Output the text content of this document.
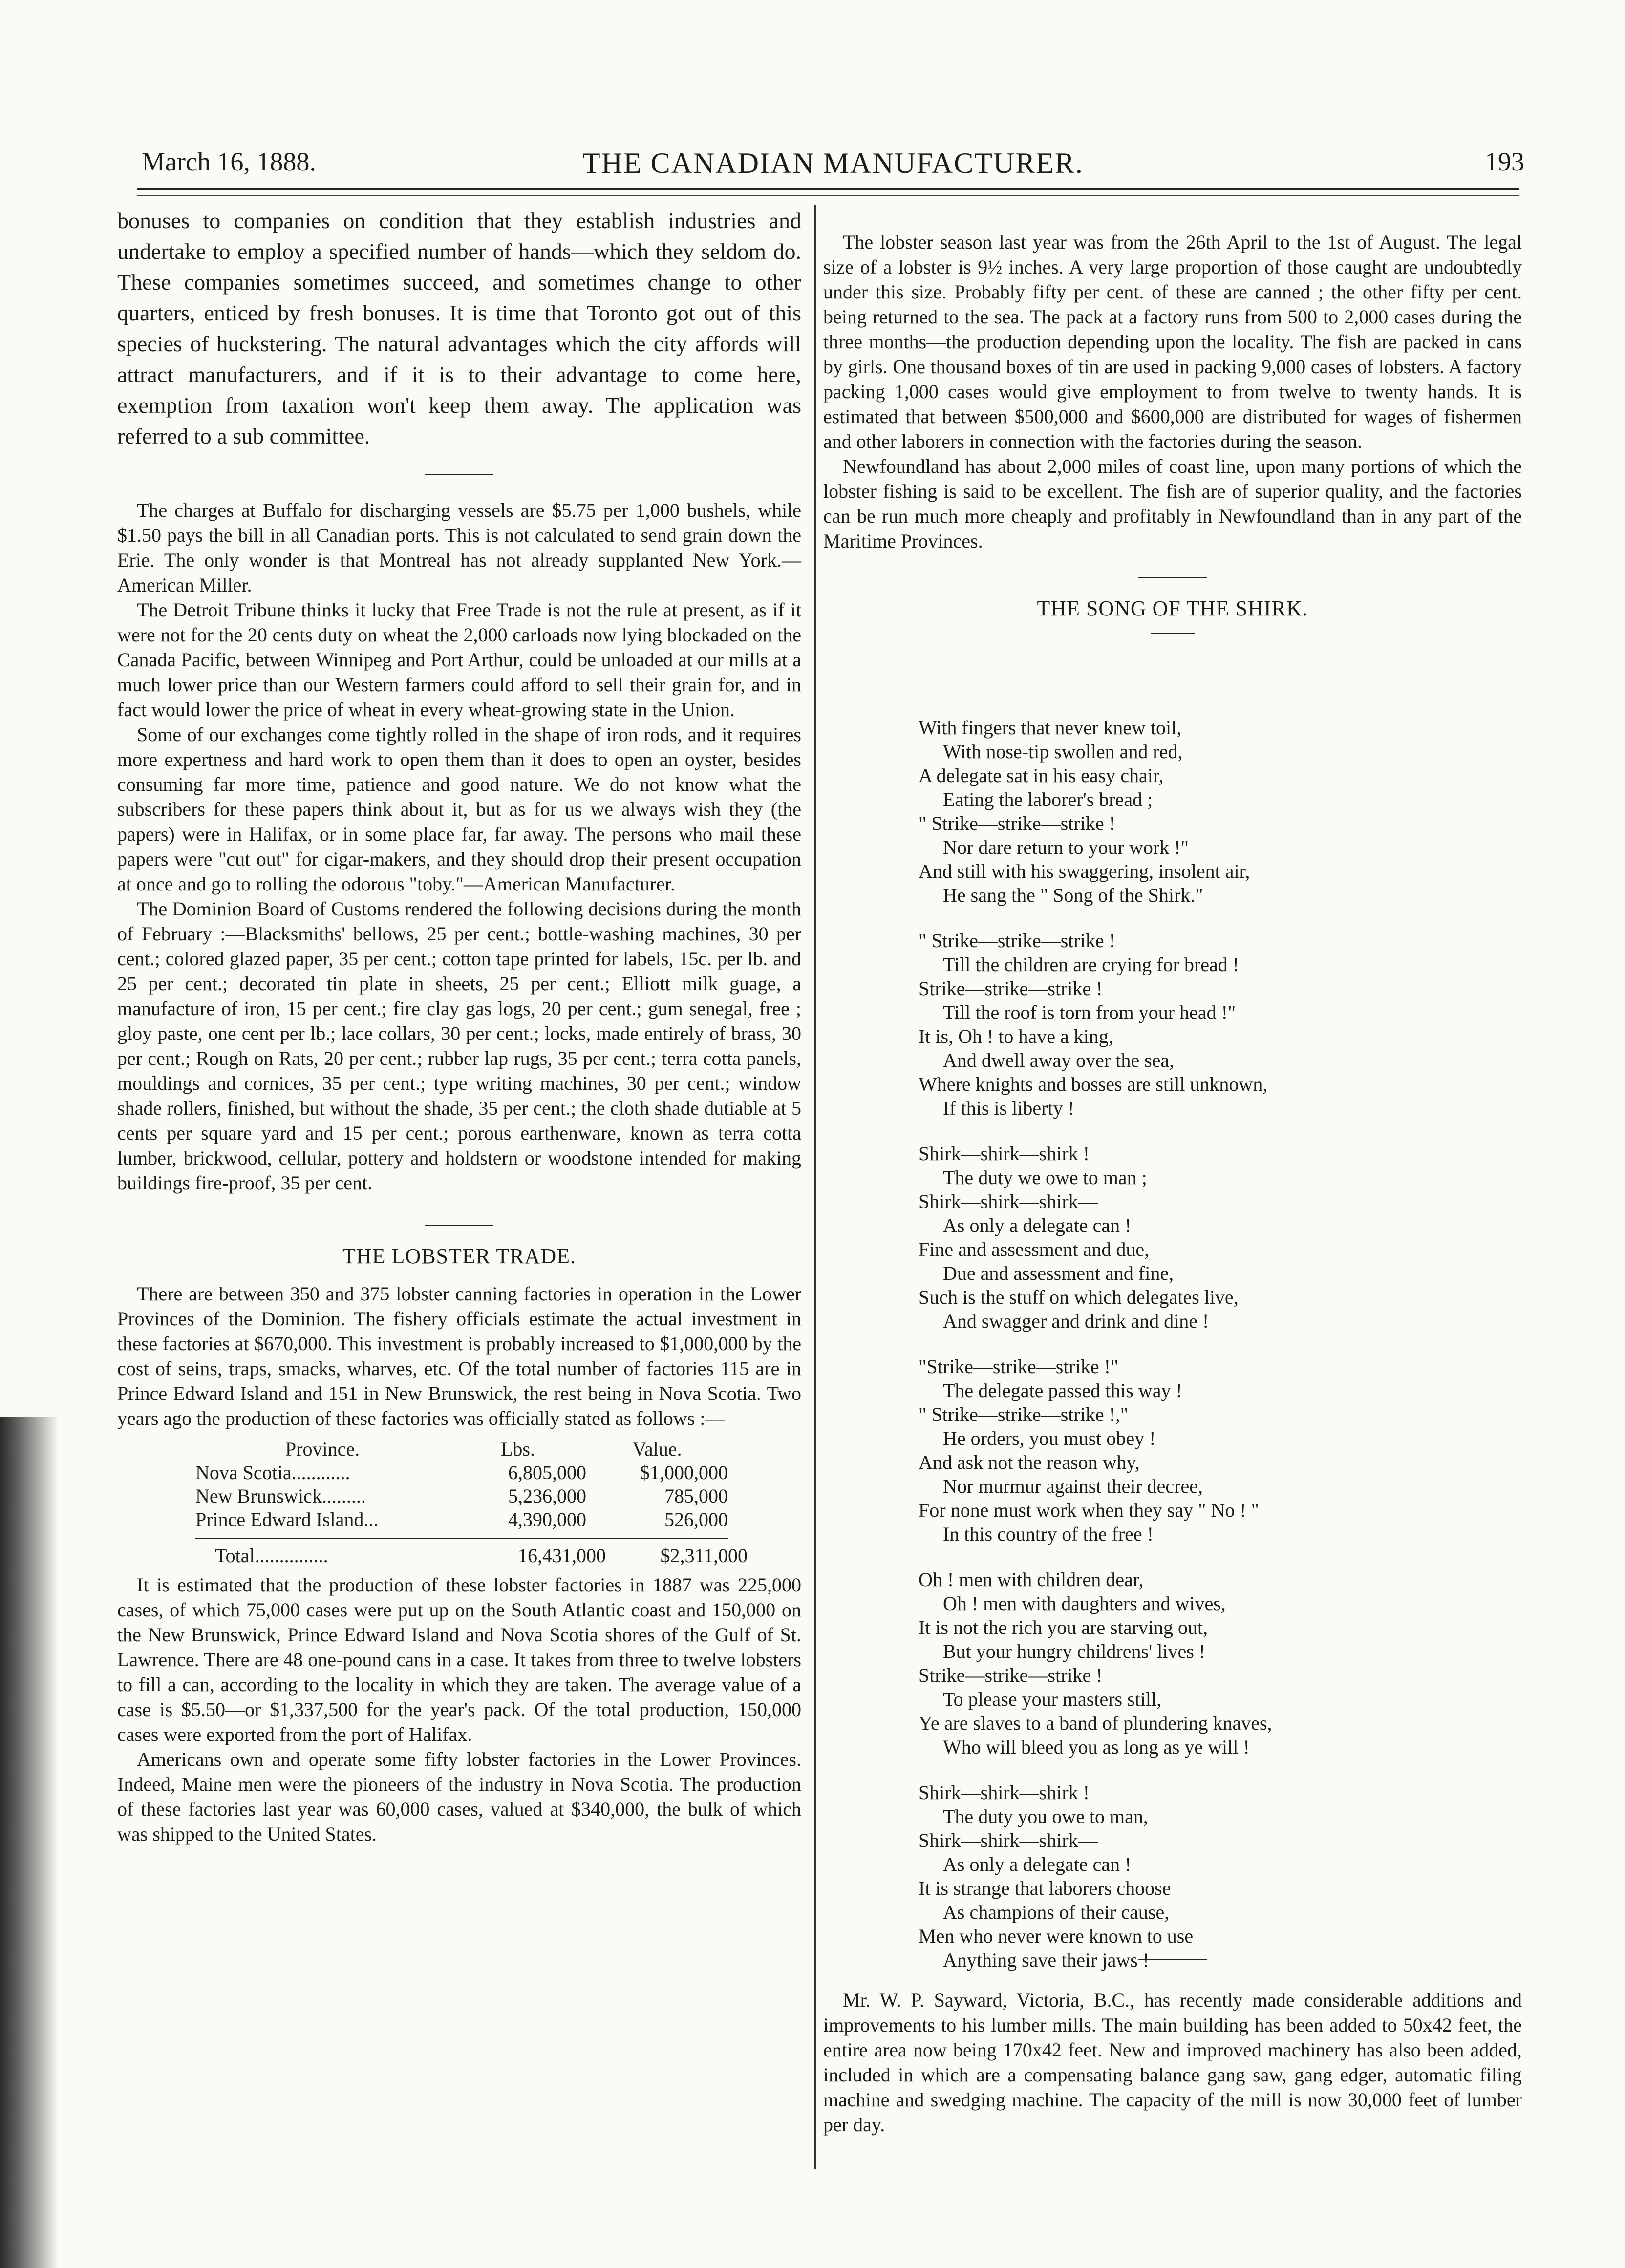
March 16, 1888.	THE CANADIAN MANUFACTURER.	193

bonuses to companies on condition that they establish industries and undertake to employ a specified number of hands—which they seldom do. These companies sometimes succeed, and sometimes change to other quarters, enticed by fresh bonuses. It is time that Toronto got out of this species of huckstering. The natural advantages which the city affords will attract manufacturers, and if it is to their advantage to come here, exemption from taxation won't keep them away. The application was referred to a sub committee.

The charges at Buffalo for discharging vessels are $5.75 per 1,000 bushels, while $1.50 pays the bill in all Canadian ports. This is not calculated to send grain down the Erie. The only wonder is that Montreal has not already supplanted New York.—American Miller.

The Detroit Tribune thinks it lucky that Free Trade is not the rule at present, as if it were not for the 20 cents duty on wheat the 2,000 carloads now lying blockaded on the Canada Pacific, between Winnipeg and Port Arthur, could be unloaded at our mills at a much lower price than our Western farmers could afford to sell their grain for, and in fact would lower the price of wheat in every wheat-growing state in the Union.

Some of our exchanges come tightly rolled in the shape of iron rods, and it requires more expertness and hard work to open them than it does to open an oyster, besides consuming far more time, patience and good nature. We do not know what the subscribers for these papers think about it, but as for us we always wish they (the papers) were in Halifax, or in some place far, far away. The persons who mail these papers were "cut out" for cigar-makers, and they should drop their present occupation at once and go to rolling the odorous "toby."—American Manufacturer.

The Dominion Board of Customs rendered the following decisions during the month of February :—Blacksmiths' bellows, 25 per cent.; bottle-washing machines, 30 per cent.; colored glazed paper, 35 per cent.; cotton tape printed for labels, 15c. per lb. and 25 per cent.; decorated tin plate in sheets, 25 per cent.; Elliott milk guage, a manufacture of iron, 15 per cent.; fire clay gas logs, 20 per cent.; gum senegal, free ; gloy paste, one cent per lb.; lace collars, 30 per cent.; locks, made entirely of brass, 30 per cent.; Rough on Rats, 20 per cent.; rubber lap rugs, 35 per cent.; terra cotta panels, mouldings and cornices, 35 per cent.; type writing machines, 30 per cent.; window shade rollers, finished, but without the shade, 35 per cent.; the cloth shade dutiable at 5 cents per square yard and 15 per cent.; porous earthenware, known as terra cotta lumber, brickwood, cellular, pottery and holdstern or woodstone intended for making buildings fire-proof, 35 per cent.

THE LOBSTER TRADE.

There are between 350 and 375 lobster canning factories in operation in the Lower Provinces of the Dominion. The fishery officials estimate the actual investment in these factories at $670,000. This investment is probably increased to $1,000,000 by the cost of seins, traps, smacks, wharves, etc. Of the total number of factories 115 are in Prince Edward Island and 151 in New Brunswick, the rest being in Nova Scotia. Two years ago the production of these factories was officially stated as follows :—

Province.	Lbs.	Value.
Nova Scotia............	6,805,000	$1,000,000
New Brunswick.........	5,236,000	785,000
Prince Edward Island...	4,390,000	526,000
Total...............	16,431,000	$2,311,000

It is estimated that the production of these lobster factories in 1887 was 225,000 cases, of which 75,000 cases were put up on the South Atlantic coast and 150,000 on the New Brunswick, Prince Edward Island and Nova Scotia shores of the Gulf of St. Lawrence. There are 48 one-pound cans in a case. It takes from three to twelve lobsters to fill a can, according to the locality in which they are taken. The average value of a case is $5.50—or $1,337,500 for the year's pack. Of the total production, 150,000 cases were exported from the port of Halifax.

Americans own and operate some fifty lobster factories in the Lower Provinces. Indeed, Maine men were the pioneers of the industry in Nova Scotia. The production of these factories last year was 60,000 cases, valued at $340,000, the bulk of which was shipped to the United States.

The lobster season last year was from the 26th April to the 1st of August. The legal size of a lobster is 9½ inches. A very large proportion of those caught are undoubtedly under this size. Probably fifty per cent. of these are canned ; the other fifty per cent. being returned to the sea. The pack at a factory runs from 500 to 2,000 cases during the three months—the production depending upon the locality. The fish are packed in cans by girls. One thousand boxes of tin are used in packing 9,000 cases of lobsters. A factory packing 1,000 cases would give employment to from twelve to twenty hands. It is estimated that between $500,000 and $600,000 are distributed for wages of fishermen and other laborers in connection with the factories during the season.

Newfoundland has about 2,000 miles of coast line, upon many portions of which the lobster fishing is said to be excellent. The fish are of superior quality, and the factories can be run much more cheaply and profitably in Newfoundland than in any part of the Maritime Provinces.

THE SONG OF THE SHIRK.
With fingers that never knew toil,
With nose-tip swollen and red,
A delegate sat in his easy chair,
Eating the laborer's bread ;
" Strike—strike—strike !
Nor dare return to your work !"
And still with his swaggering, insolent air,
He sang the " Song of the Shirk."
" Strike—strike—strike !
Till the children are crying for bread !
Strike—strike—strike !
Till the roof is torn from your head !"
It is, Oh ! to have a king,
And dwell away over the sea,
Where knights and bosses are still unknown,
If this is liberty !
Shirk—shirk—shirk !
The duty we owe to man ;
Shirk—shirk—shirk—
As only a delegate can !
Fine and assessment and due,
Due and assessment and fine,
Such is the stuff on which delegates live,
And swagger and drink and dine !
"Strike—strike—strike !"
The delegate passed this way !
" Strike—strike—strike !,"
He orders, you must obey !
And ask not the reason why,
Nor murmur against their decree,
For none must work when they say " No ! "
In this country of the free !
Oh ! men with children dear,
Oh ! men with daughters and wives,
It is not the rich you are starving out,
But your hungry childrens' lives !
Strike—strike—strike !
To please your masters still,
Ye are slaves to a band of plundering knaves,
Who will bleed you as long as ye will !
Shirk—shirk—shirk !
The duty you owe to man,
Shirk—shirk—shirk—
As only a delegate can !
It is strange that laborers choose
As champions of their cause,
Men who never were known to use
Anything save their jaws !

Mr. W. P. Sayward, Victoria, B.C., has recently made considerable additions and improvements to his lumber mills. The main building has been added to 50x42 feet, the entire area now being 170x42 feet. New and improved machinery has also been added, included in which are a compensating balance gang saw, gang edger, automatic filing machine and swedging machine. The capacity of the mill is now 30,000 feet of lumber per day.
